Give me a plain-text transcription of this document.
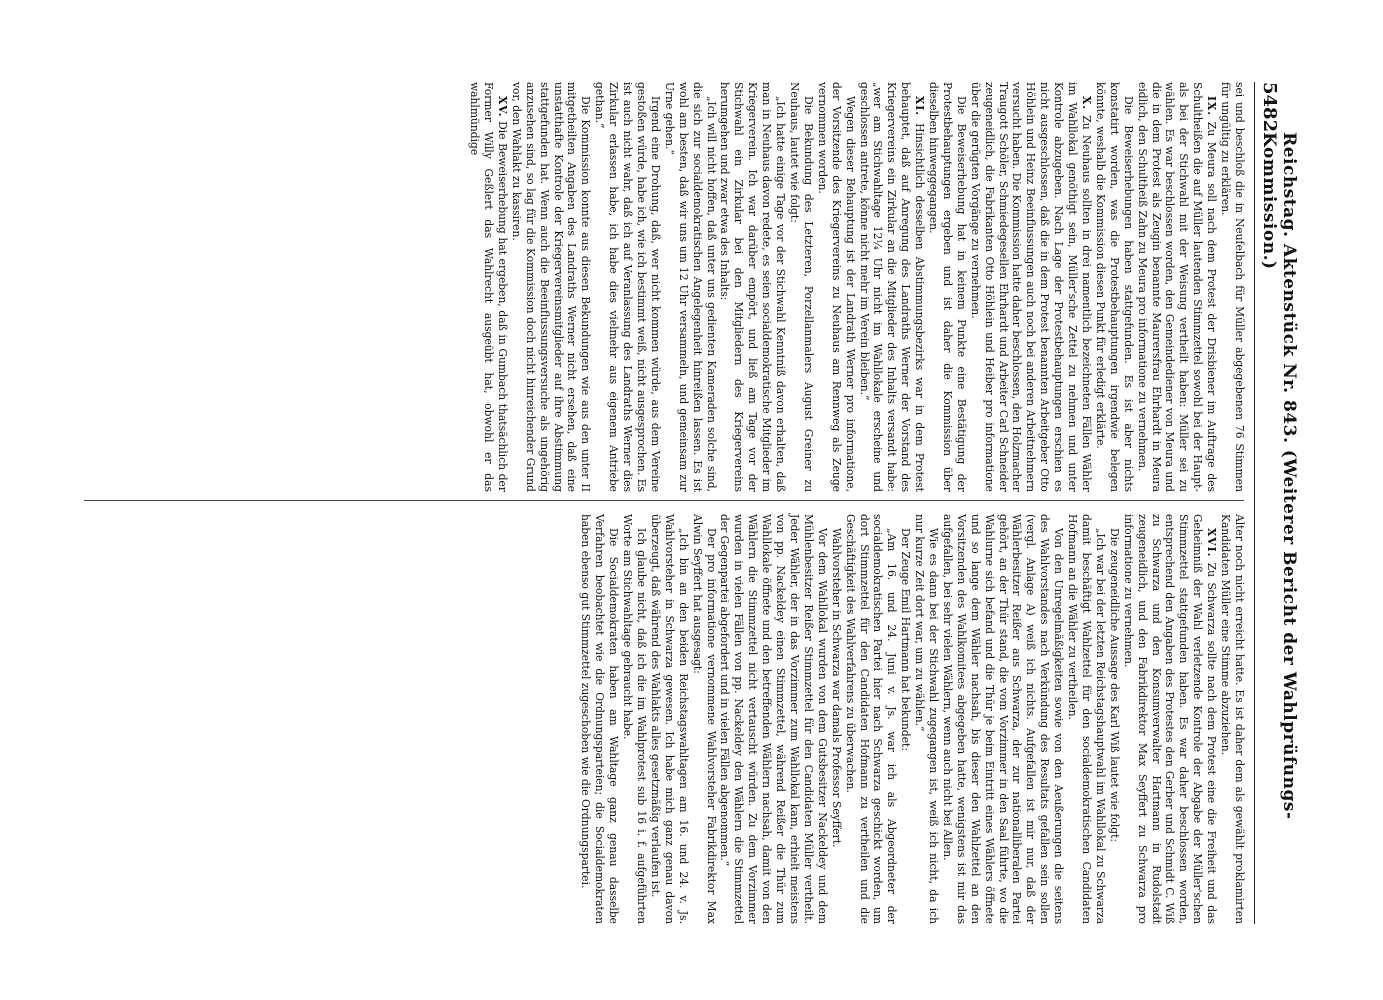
5482
Reichstag. Aktenstück Nr. 843. (Weiterer Bericht der Wahlprüfungs-Kommission.)

sei und beschloß die in Neufelbach für Müller abgegebenen 76 Stimmen für ungültig zu erklären.

IX. Zu Meura soll nach dem Protest der Drisbiener im Auftrage des Schultheißen die auf Müller lautenden Stimmzettel sowohl bei der Haupt- als bei der Stichwahl mit der Weisung vertheilt haben: Müller sei zu wählen. Es war beschlossen worden, den Gemeindediener von Meura und die in dem Protest als Zeugin benannte Maurersfrau Ehrhardt in Meura eidlich, den Schultheiß Zahn zu Meura pro informatione zu vernehmen.

Die Beweiserhebungen haben stattgefunden. Es ist aber nichts konstatirt worden, was die Protestbehauptungen irgendwie belegen könnte, weshalb die Kommission diesen Punkt für erledigt erklärte.

X. Zu Neuhaus sollten in drei namentlich bezeichneten Fällen Wähler im Wahllokal genöthigt sein, Müller'sche Zettel zu nehmen und unter Kontrole abzugeben. Nach Lage der Protestbehauptungen erschien es nicht ausgeschlossen, daß die in dem Protest benannten Arbeitgeber Otto Höhlein und Heinz Beeinflussungen auch noch bei anderen Arbeitnehmern versucht haben. Die Kommission hatte daher beschlossen, den Holzmacher Traugott Schöler, Schmiedegesellen Ehrhardt und Arbeiter Carl Schneider zeugeneidlich, die Fabrikanten Otto Höhlein und Heiber pro informatione über die gerügten Vorgänge zu vernehmen.

Die Beweiserhebung hat in keinem Punkte eine Bestätigung der Protestbehauptungen ergeben und ist daher die Kommission über dieselben hinweggegangen.

XI. Hinsichtlich desselben Abstimmungsbezirks war in dem Protest behauptet, daß auf Anregung des Landraths Werner der Vorstand des Kriegervereins ein Zirkular an die Mitglieder des Inhalts versandt habe: „wer am Stichwahltage 12¼ Uhr nicht im Wahllokale erscheine und geschlossen antrete, könne nicht mehr im Verein bleiben.“

Wegen dieser Behauptung ist der Landrath Werner pro informatione, der Vorsitzende des Kriegervereins zu Neuhaus am Rennweg als Zeuge vernommen worden.

Die Bekundung des Letzteren, Porzellanmalers August Greiner zu Neuhaus, lautet wie folgt:

„Ich hatte einige Tage vor der Stichwahl Kenntniß davon erhalten, daß man in Neuhaus davon redete, es seien socialdemokratische Mitglieder im Kriegerverein. Ich war darüber empört, und ließ am Tage vor der Stichwahl ein Zirkular bei den Mitgliedern des Kriegervereins herumgehen und zwar etwa des Inhalts:

„Ich will nicht hoffen, daß unter uns gedienten Kameraden solche sind, die sich zur socialdemokratischen Angelegenheit hinreißen lassen. Es ist wohl am besten, daß wir uns um 12 Uhr versammeln, und gemeinsam zur Urne gehen.“

Irgend eine Drohung, daß, wer nicht kommen würde, aus dem Vereine gestoßen würde, habe ich, wie ich bestimmt weiß, nicht ausgesprochen. Es ist auch nicht wahr, daß ich auf Veranlassung des Landraths Werner dies Zirkular erlassen habe, ich habe dies vielmehr aus eigenem Antriebe gethan.“

Die Kommission konnte aus diesen Bekundungen wie aus den unter II mitgetheilten Angaben des Landraths Werner nicht ersehen, daß eine unstatthafte Kontrole der Kriegervereinsmitglieder auf ihre Abstimmung stattgefunden hat. Wenn auch die Beeinflussungsversuche als ungehörig anzusehen sind, so lag für die Kommission doch nicht hinreichender Grund vor, den Wahlakt zu kassiren.

XV. Die Beweiserhebung hat ergeben, daß in Gumbach thatsächlich der Former Willy Geßlert das Wahlrecht ausgeübt hat, obwohl er das wahlmündige

Alter noch nicht erreicht hatte. Es ist daher dem als gewählt proklamirten Kandidaten Müller eine Stimme abzuziehen.

XVI. Zu Schwarza sollte nach dem Protest eine die Freiheit und das Geheimniß der Wahl verletzende Kontrole der Abgabe der Müller'schen Stimmzettel stattgefunden haben. Es war daher beschlossen worden, entsprechend den Angaben des Protestes den Gerber und Schmidt C. Wiß zu Schwarza und den Konsumverwalter Hartmann in Rudolstadt zeugeneidlich, und den Fabrikdirektor Max Seyffert zu Schwarza pro informatione zu vernehmen.

Die zeugeneidliche Aussage des Karl Wiß lautet wie folgt:

„Ich war bei der letzten Reichstagshauptwahl im Wahllokal zu Schwarza damit beschäftigt Wahlzettel für den socialdemokratischen Candidaten Hofmann an die Wähler zu vertheilen.

Von den Unregelmäßigkeiten sowie von den Aeußerungen die seitens des Wahlvorstandes nach Verkündung des Resultats gefallen sein sollen (vergl. Anlage A) weiß ich nichts. Aufgefallen ist mir nur, daß der Wählerbesitzer Reißer aus Schwarza, der zur nationalliberalen Partei gehört, an der Thür stand, die vom Vorzimmer in den Saal führte, wo die Wahlurne sich befand und die Thür je beim Eintritt eines Wählers öffnete und so lange dem Wähler nachsah, bis dieser den Wahlzettel an den Vorsitzenden des Wahlkomitees abgegeben hatte, wenigstens ist mir das aufgefallen, bei sehr vielen Wählern, wenn auch nicht bei Allen.

Wie es dann bei der Stichwahl zugegangen ist, weiß ich nicht, da ich nur kurze Zeit dort war, um zu wählen.“

Der Zeuge Emil Hartmann hat bekundet:

„Am 16. und 24. Juni v. Js. war ich als Abgeordneter der socialdemokratischen Partei hier nach Schwarza geschickt worden, um dort Stimmzettel für den Candidaten Hofmann zu vertheilen und die Geschäftigkeit des Wahlverfahrens zu überwachen.

Wahlvorsteher in Schwarza war damals Professor Seyffert.

Vor dem Wahllokal wurden von dem Gutsbesitzer Nackeldey und dem Mühlenbesitzer Reißer Stimmzettel für den Candidaten Müller vertheilt. Jeder Wähler, der in das Vorzimmer zum Wahllokal kam, erhielt meistens von pp. Nackeldey einen Stimmzettel, während Reißer die Thür zum Wahllokale öffnete und den betreffenden Wählern nachsah, damit von den Wählern die Stimmzettel nicht vertauscht würden. Zu dem Vorzimmer wurden in vielen Fällen von pp. Nackeldey den Wählern die Stimmzettel der Gegenpartei abgefordert und in vielen Fällen abgenommen.“

Der pro informatione vernommene Wahlvorsteher Fabrikdirektor Max Alwin Seyffert hat ausgesagt:

„Ich bin an den beiden Reichstagswahltagen am 16. und 24. v. Js. Wahlvorsteher in Schwarza gewesen. Ich habe mich ganz genau davon überzeugt, daß während des Wahlakts alles gesetzmäßig verlaufen ist.

Ich glaube nicht, daß ich die im Wahlprotest sub 16 i. f. aufgeführten Worte am Stichwahltage gebraucht habe.

Die Socialdemokraten haben am Wahltage ganz genau dasselbe Verfahren beobachtet wie die Ordnungsparteien; die Socialdemokraten haben ebenso gut Stimmzettel zugeschoben wie die Ordnungspartei.
